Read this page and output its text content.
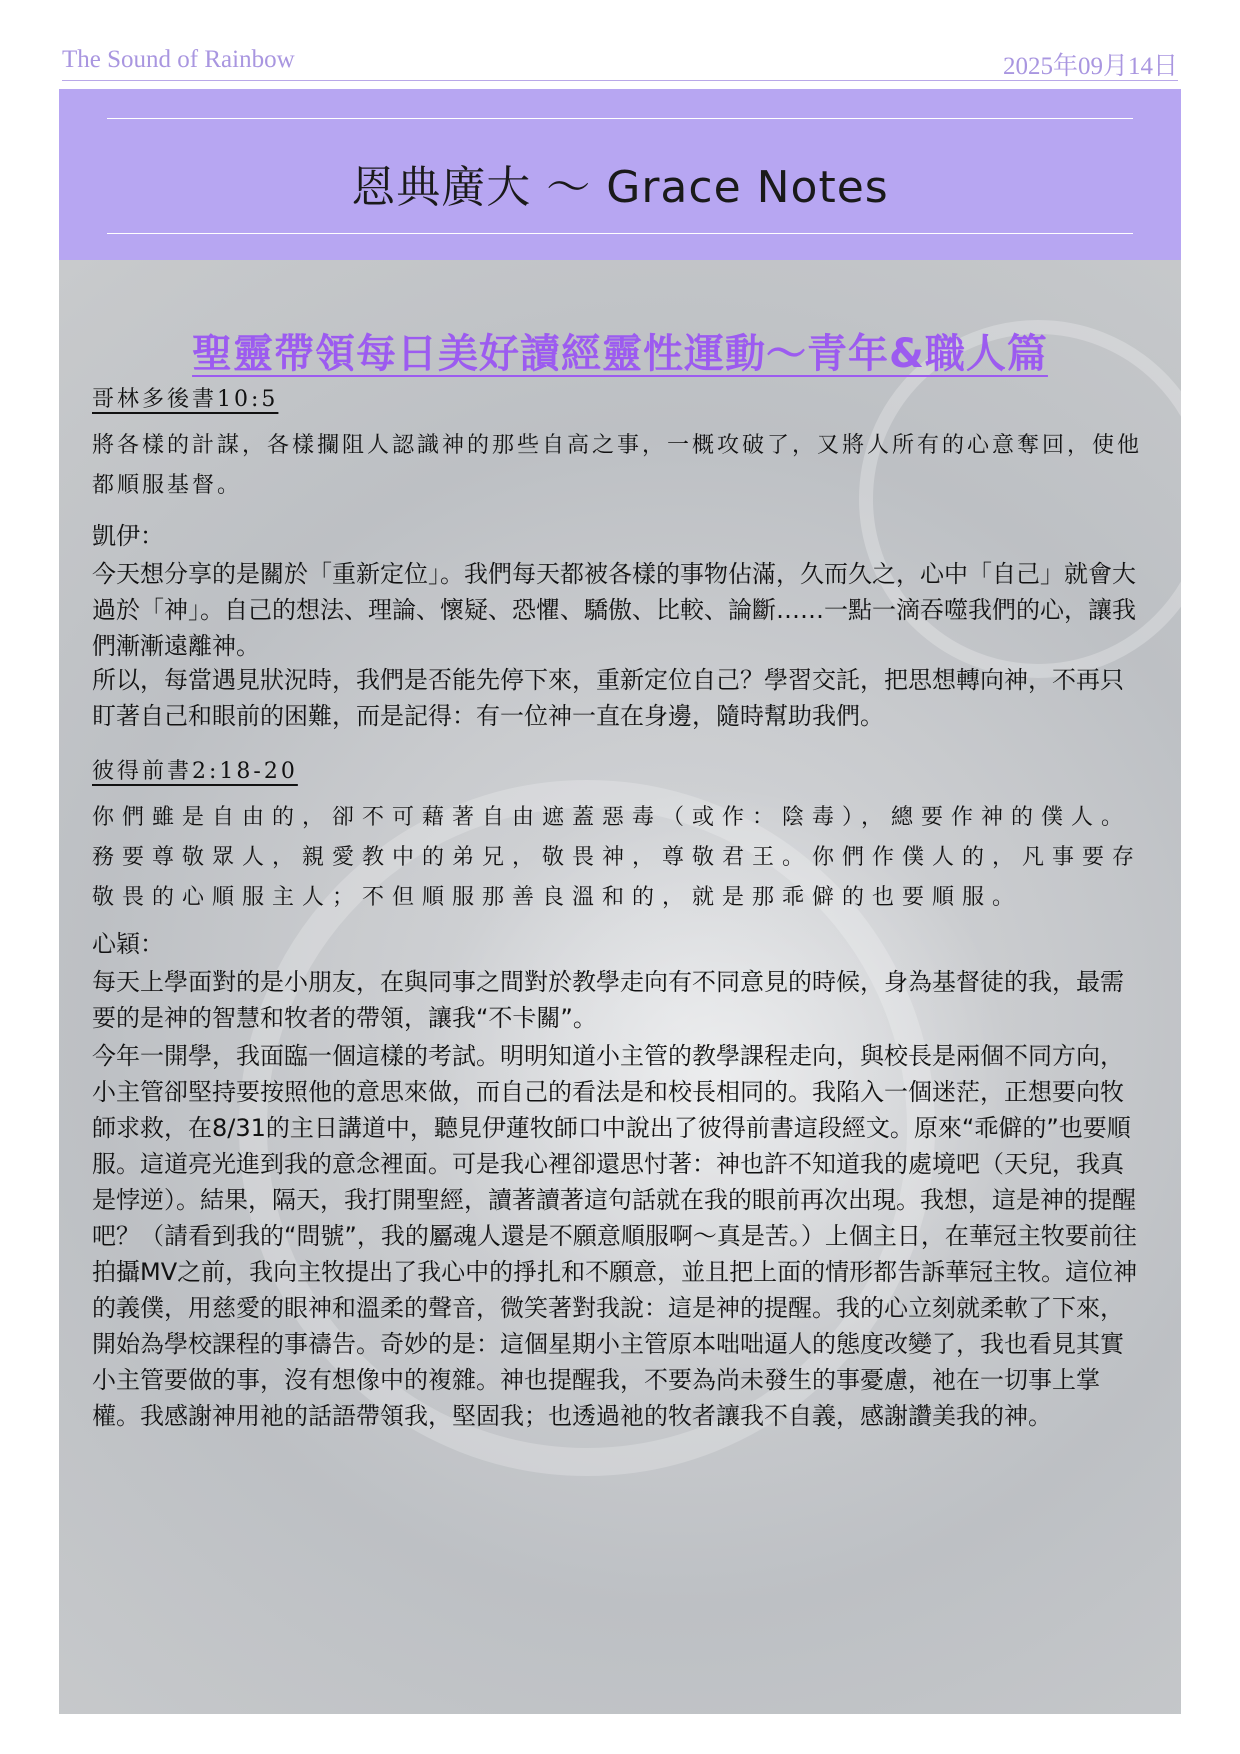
The Sound of Rainbow	2025年09月14日
恩典廣大 ～ Grace Notes
聖靈帶領每日美好讀經靈性運動～青年&職人篇
哥林多後書10:5
將各樣的計謀，各樣攔阻人認識神的那些自高之事，一概攻破了，又將人所有的心意奪回，使他都順服基督。
凱伊：

今天想分享的是關於「重新定位」。我們每天都被各樣的事物佔滿，久而久之，心中「自己」就會大過於「神」。自己的想法、理論、懷疑、恐懼、驕傲、比較、論斷……一點一滴吞噬我們的心，讓我們漸漸遠離神。

所以，每當遇見狀況時，我們是否能先停下來，重新定位自己？學習交託，把思想轉向神，不再只盯著自己和眼前的困難，而是記得：有一位神一直在身邊，隨時幫助我們。

彼得前書2:18-20
你們雖是自由的，卻不可藉著自由遮蓋惡毒（或作：陰毒），總要作神的僕人。務要尊敬眾人，親愛教中的弟兄，敬畏神，尊敬君王。你們作僕人的，凡事要存敬畏的心順服主人；不但順服那善良溫和的，就是那乖僻的也要順服。
心穎：

每天上學面對的是小朋友，在與同事之間對於教學走向有不同意見的時候，身為基督徒的我，最需要的是神的智慧和牧者的帶領，讓我“不卡關”。

今年一開學，我面臨一個這樣的考試。明明知道小主管的教學課程走向，與校長是兩個不同方向，小主管卻堅持要按照他的意思來做，而自己的看法是和校長相同的。我陷入一個迷茫，正想要向牧師求救，在8/31的主日講道中，聽見伊蓮牧師口中說出了彼得前書這段經文。原來“乖僻的”也要順服。這道亮光進到我的意念裡面。可是我心裡卻還思忖著：神也許不知道我的處境吧（天兒，我真是悖逆）。結果，隔天，我打開聖經，讀著讀著這句話就在我的眼前再次出現。我想，這是神的提醒吧？（請看到我的“問號”，我的屬魂人還是不願意順服啊～真是苦。）上個主日，在華冠主牧要前往拍攝MV之前，我向主牧提出了我心中的掙扎和不願意，並且把上面的情形都告訴華冠主牧。這位神的義僕，用慈愛的眼神和溫柔的聲音，微笑著對我說：這是神的提醒。我的心立刻就柔軟了下來，開始為學校課程的事禱告。奇妙的是：這個星期小主管原本咄咄逼人的態度改變了，我也看見其實小主管要做的事，沒有想像中的複雜。神也提醒我，不要為尚未發生的事憂慮，祂在一切事上掌權。我感謝神用祂的話語帶領我，堅固我；也透過祂的牧者讓我不自義，感謝讚美我的神。
